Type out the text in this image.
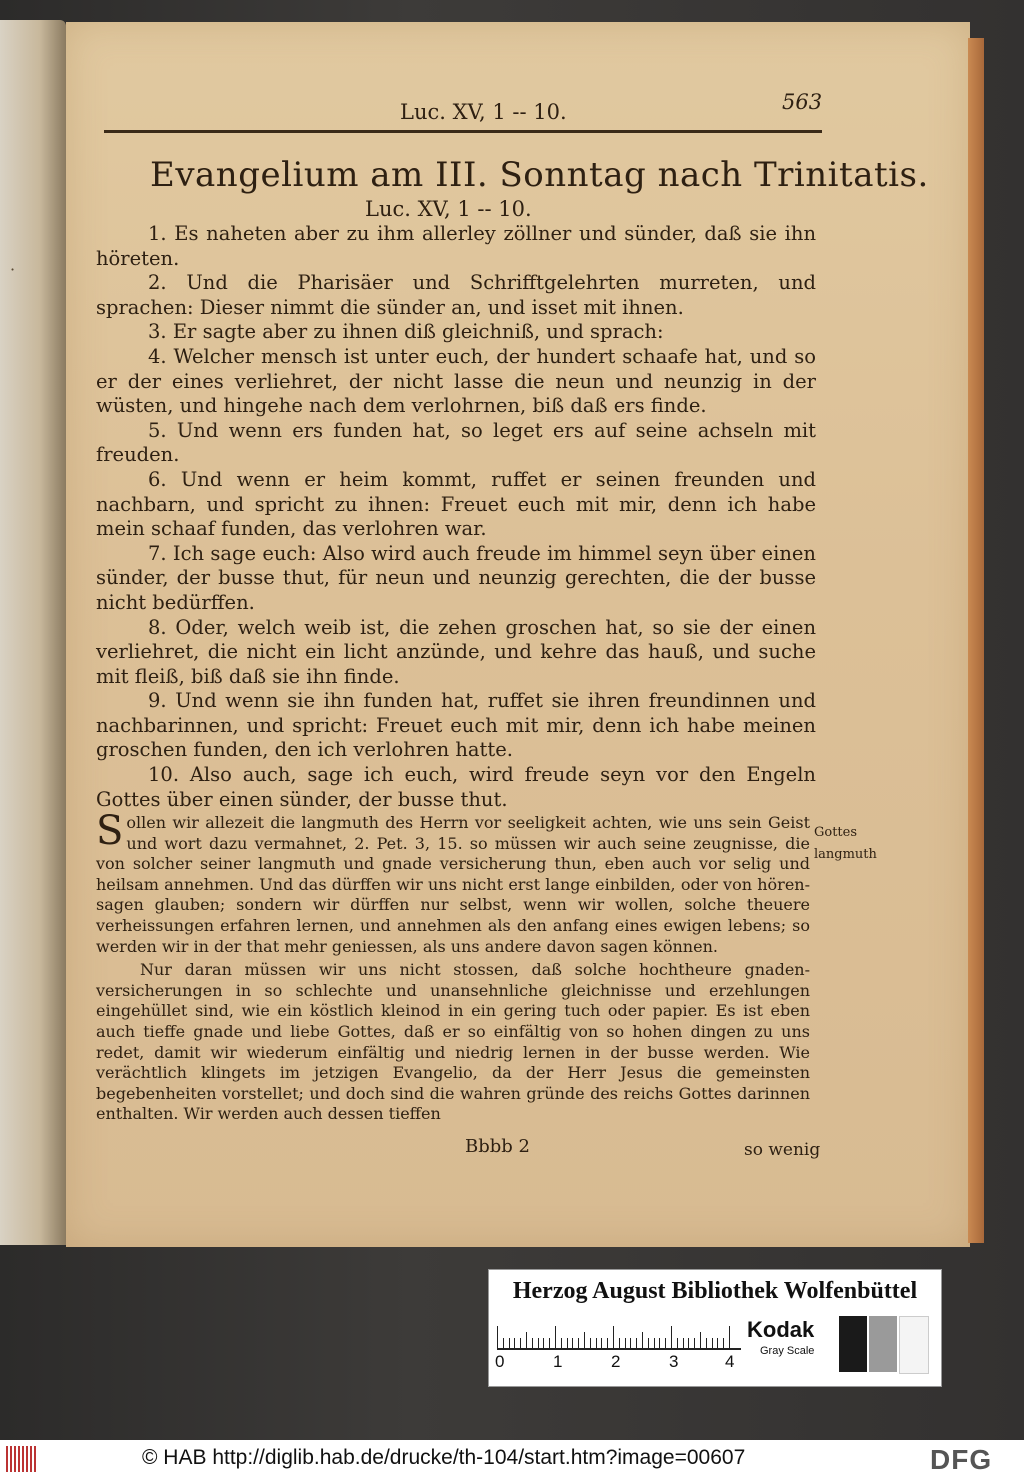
·
Luc. XV, 1 -- 10.	563
Evangelium am III. Sonntag nach Trinitatis.
Luc. XV, 1 -- 10.

1. Es naheten aber zu ihm allerley zöllner und sünder, daß sie ihn höreten.

2. Und die Pharisäer und Schrifftgelehrten murreten, und sprachen: Dieser nimmt die sünder an, und isset mit ihnen.

3. Er sagte aber zu ihnen diß gleichniß, und sprach:

4. Welcher mensch ist unter euch, der hundert schaafe hat, und so er der eines verliehret, der nicht lasse die neun und neunzig in der wüsten, und hingehe nach dem verlohrnen, biß daß ers finde.

5. Und wenn ers funden hat, so leget ers auf seine achseln mit freuden.

6. Und wenn er heim kommt, ruffet er seinen freunden und nachbarn, und spricht zu ihnen: Freuet euch mit mir, denn ich habe mein schaaf funden, das verlohren war.

7. Ich sage euch: Also wird auch freude im himmel seyn über einen sünder, der busse thut, für neun und neunzig gerechten, die der busse nicht bedürffen.

8. Oder, welch weib ist, die zehen groschen hat, so sie der einen verliehret, die nicht ein licht anzünde, und kehre das hauß, und suche mit fleiß, biß daß sie ihn finde.

9. Und wenn sie ihn funden hat, ruffet sie ihren freundinnen und nachbarinnen, und spricht: Freuet euch mit mir, denn ich habe meinen groschen funden, den ich verlohren hatte.

10. Also auch, sage ich euch, wird freude seyn vor den Engeln Gottes über einen sünder, der busse thut.

Sollen wir allezeit die langmuth des Herrn vor seeligkeit achten, wie uns sein Geist und wort dazu vermahnet, 2. Pet. 3, 15. so müssen wir auch seine zeugnisse, die von solcher seiner langmuth und gnade versicherung thun, eben auch vor selig und heilsam annehmen. Und das dürffen wir uns nicht erst lange einbilden, oder von hören-sagen glauben; sondern wir dürffen nur selbst, wenn wir wollen, solche theuere verheissungen erfahren lernen, und annehmen als den anfang eines ewigen lebens; so werden wir in der that mehr geniessen, als uns andere davon sagen können.

Nur daran müssen wir uns nicht stossen, daß solche hochtheure gnaden-versicherungen in so schlechte und unansehnliche gleichnisse und erzehlungen eingehüllet sind, wie ein köstlich kleinod in ein gering tuch oder papier. Es ist eben auch tieffe gnade und liebe Gottes, daß er so einfältig von so hohen dingen zu uns redet, damit wir wiederum einfältig und niedrig lernen in der busse werden. Wie verächtlich klingets im jetzigen Evangelio, da der Herr Jesus die gemeinsten begebenheiten vorstellet; und doch sind die wahren gründe des reichs Gottes darinnen enthalten. Wir werden auch dessen tieffen

Gottes
langmuth
Bbbb 2	so wenig
Herzog August Bibliothek Wolfenbüttel
0	1	2	3	4
Kodak
Gray Scale
© HAB http://diglib.hab.de/drucke/th-104/start.htm?image=00607	DFG
